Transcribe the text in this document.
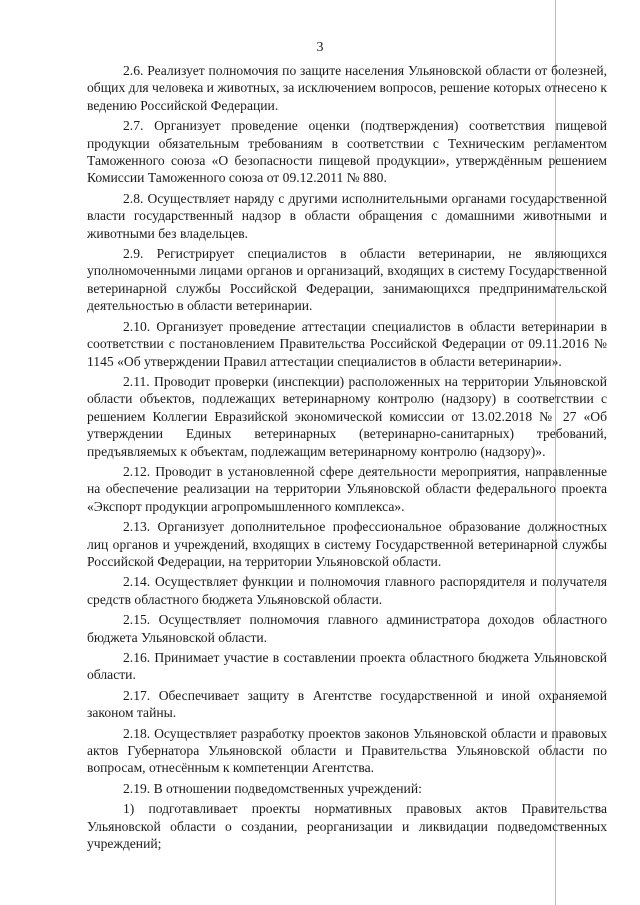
3

2.6. Реализует полномочия по защите населения Ульяновской области от болезней, общих для человека и животных, за исключением вопросов, решение которых отнесено к ведению Российской Федерации.

2.7. Организует проведение оценки (подтверждения) соответствия пищевой продукции обязательным требованиям в соответствии с Техническим регламентом Таможенного союза «О безопасности пищевой продукции», утверждённым решением Комиссии Таможенного союза от 09.12.2011 № 880.

2.8. Осуществляет наряду с другими исполнительными органами государственной власти государственный надзор в области обращения с домашними животными и животными без владельцев.

2.9. Регистрирует специалистов в области ветеринарии, не являющихся уполномоченными лицами органов и организаций, входящих в систему Государственной ветеринарной службы Российской Федерации, занимающихся предпринимательской деятельностью в области ветеринарии.

2.10. Организует проведение аттестации специалистов в области ветеринарии в соответствии с постановлением Правительства Российской Федерации от 09.11.2016 № 1145 «Об утверждении Правил аттестации специалистов в области ветеринарии».

2.11. Проводит проверки (инспекции) расположенных на территории Ульяновской области объектов, подлежащих ветеринарному контролю (надзору) в соответствии с решением Коллегии Евразийской экономической комиссии от 13.02.2018 № 27 «Об утверждении Единых ветеринарных (ветеринарно-санитарных) требований, предъявляемых к объектам, подлежащим ветеринарному контролю (надзору)».

2.12. Проводит в установленной сфере деятельности мероприятия, направленные на обеспечение реализации на территории Ульяновской области федерального проекта «Экспорт продукции агропромышленного комплекса».

2.13. Организует дополнительное профессиональное образование должностных лиц органов и учреждений, входящих в систему Государственной ветеринарной службы Российской Федерации, на территории Ульяновской области.

2.14. Осуществляет функции и полномочия главного распорядителя и получателя средств областного бюджета Ульяновской области.

2.15. Осуществляет полномочия главного администратора доходов областного бюджета Ульяновской области.

2.16. Принимает участие в составлении проекта областного бюджета Ульяновской области.

2.17. Обеспечивает защиту в Агентстве государственной и иной охраняемой законом тайны.

2.18. Осуществляет разработку проектов законов Ульяновской области и правовых актов Губернатора Ульяновской области и Правительства Ульяновской области по вопросам, отнесённым к компетенции Агентства.

2.19. В отношении подведомственных учреждений:

1) подготавливает проекты нормативных правовых актов Правительства Ульяновской области о создании, реорганизации и ликвидации подведомственных учреждений;
